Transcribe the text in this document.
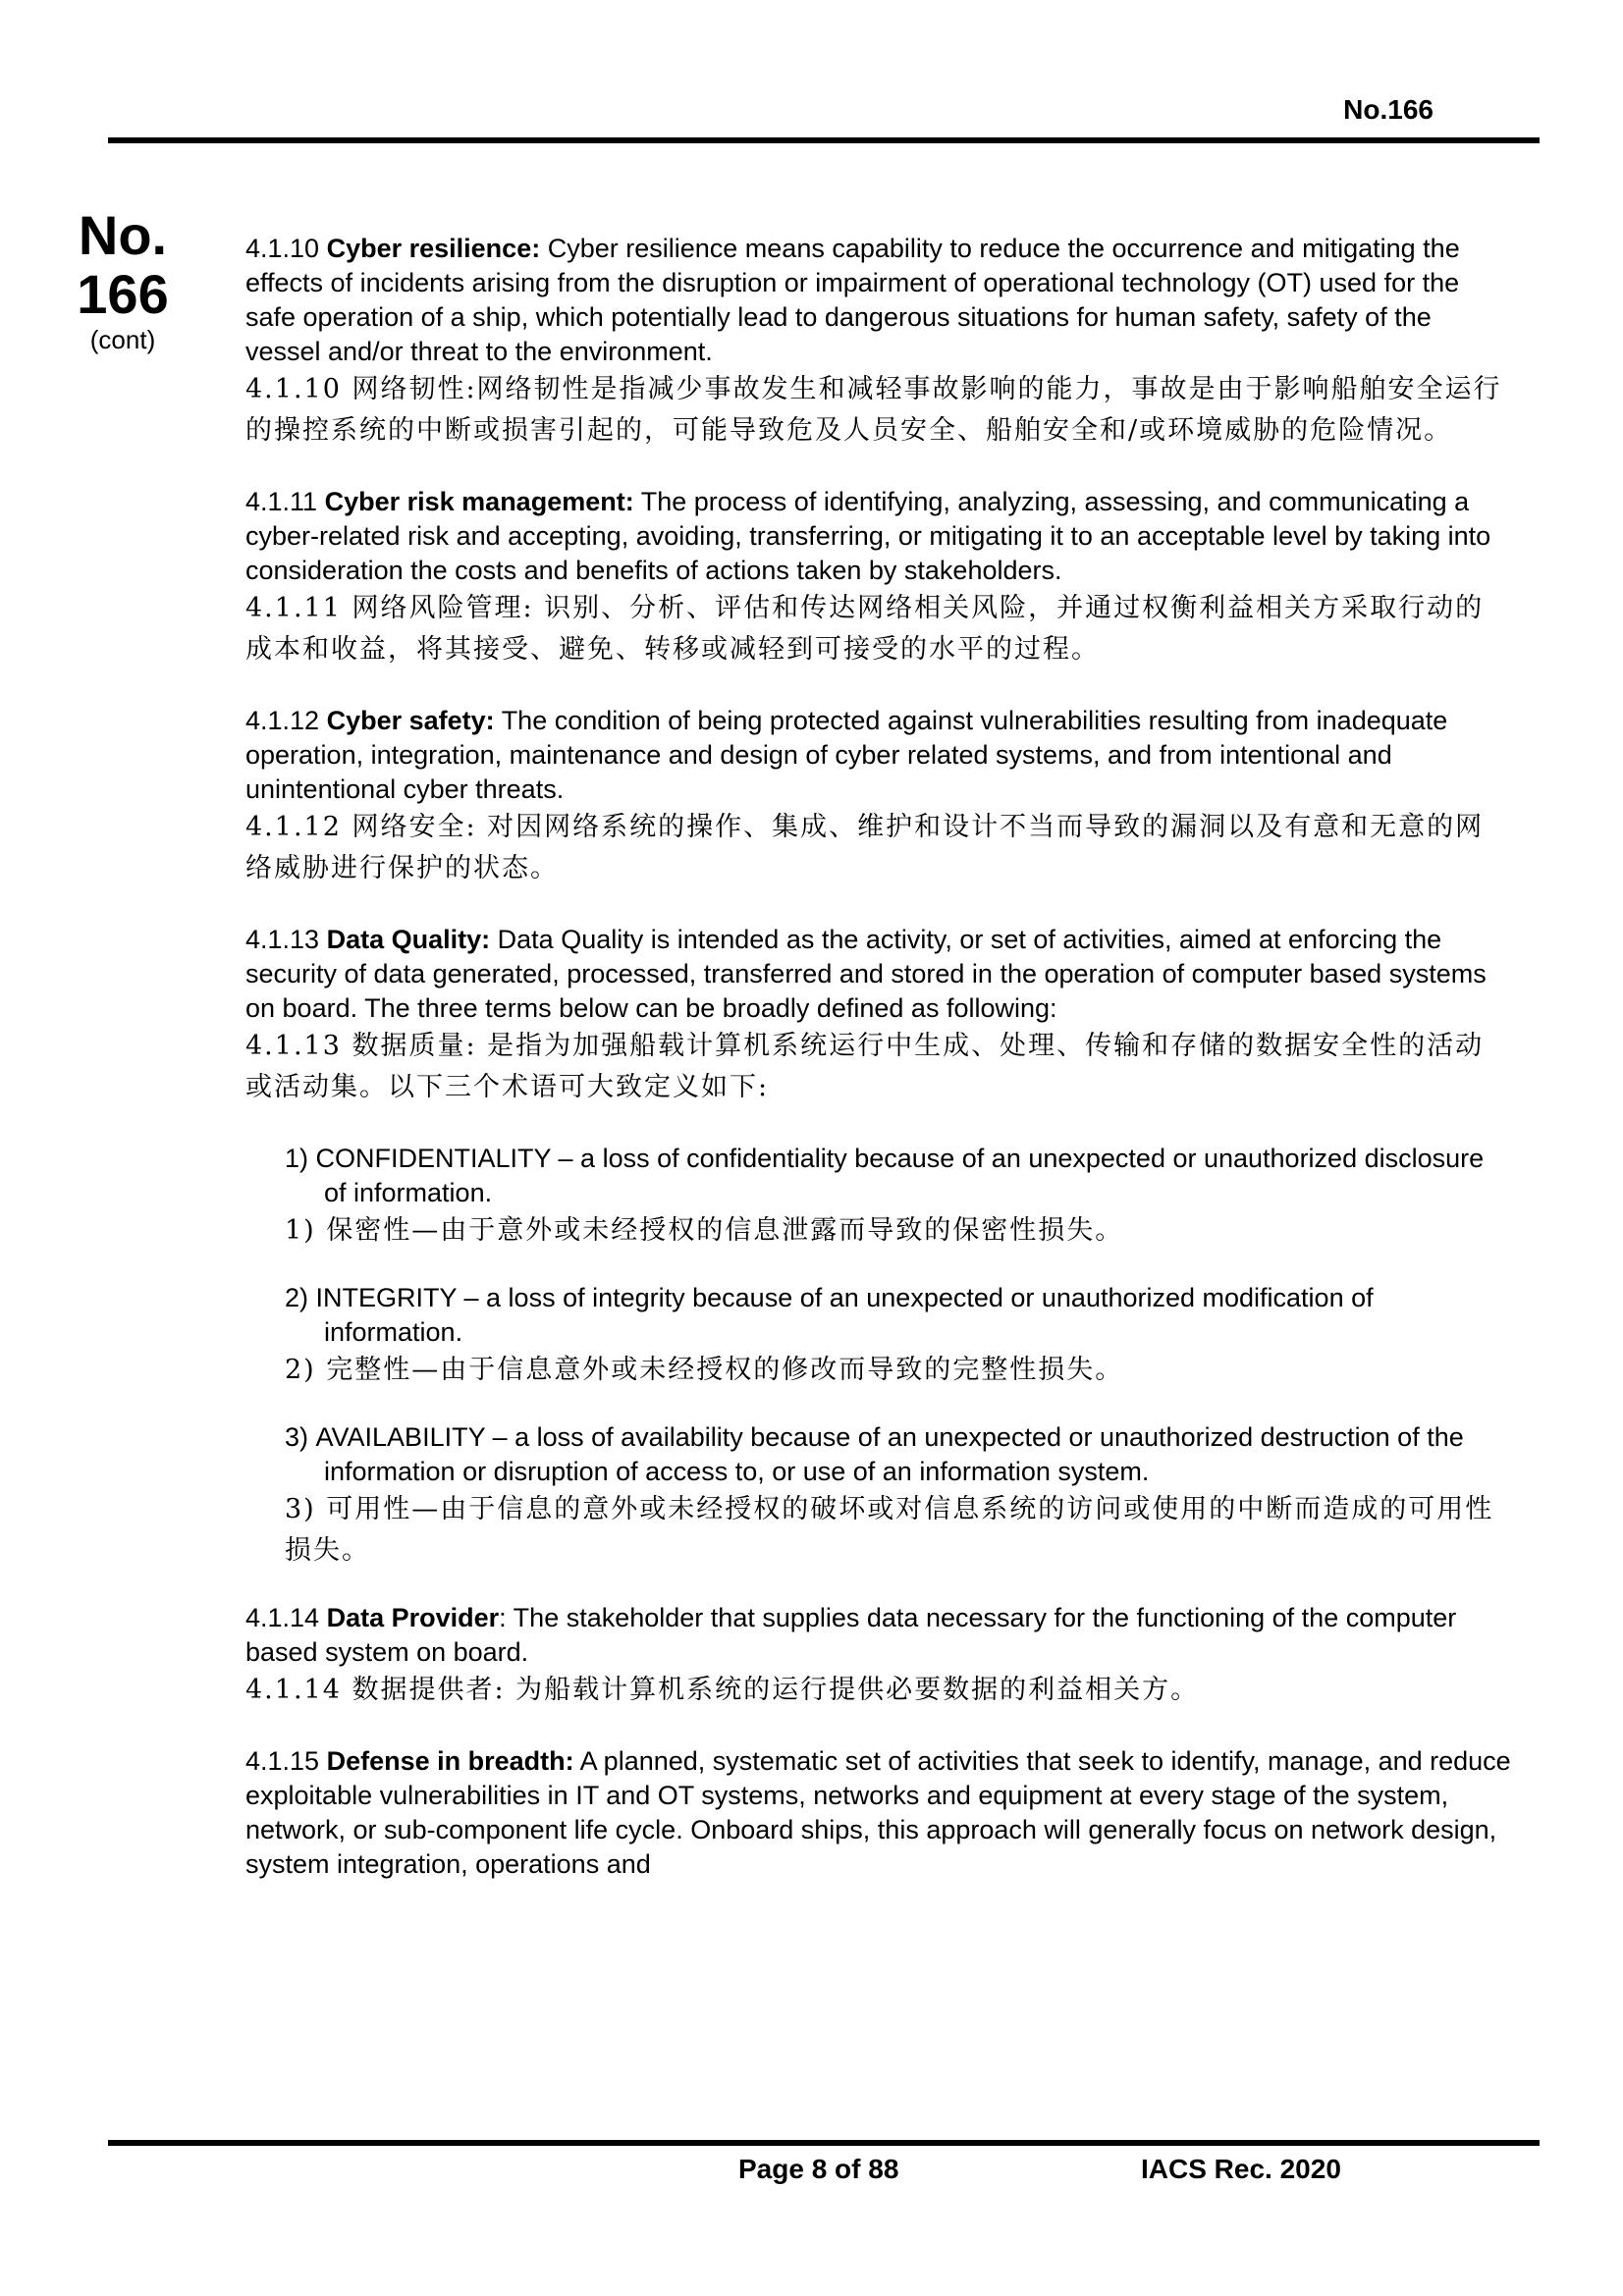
No.166
No.
166
(cont)

4.1.10 Cyber resilience: Cyber resilience means capability to reduce the occurrence and mitigating the effects of incidents arising from the disruption or impairment of operational technology (OT) used for the safe operation of a ship, which potentially lead to dangerous situations for human safety, safety of the vessel and/or threat to the environment.

4.1.10 网络韧性:网络韧性是指减少事故发生和减轻事故影响的能力，事故是由于影响船舶安全运行的操控系统的中断或损害引起的，可能导致危及人员安全、船舶安全和/或环境威胁的危险情况。

4.1.11 Cyber risk management: The process of identifying, analyzing, assessing, and communicating a cyber-related risk and accepting, avoiding, transferring, or mitigating it to an acceptable level by taking into consideration the costs and benefits of actions taken by stakeholders.

4.1.11 网络风险管理: 识别、分析、评估和传达网络相关风险，并通过权衡利益相关方采取行动的成本和收益，将其接受、避免、转移或减轻到可接受的水平的过程。

4.1.12 Cyber safety: The condition of being protected against vulnerabilities resulting from inadequate operation, integration, maintenance and design of cyber related systems, and from intentional and unintentional cyber threats.

4.1.12 网络安全: 对因网络系统的操作、集成、维护和设计不当而导致的漏洞以及有意和无意的网络威胁进行保护的状态。

4.1.13 Data Quality: Data Quality is intended as the activity, or set of activities, aimed at enforcing the security of data generated, processed, transferred and stored in the operation of computer based systems on board. The three terms below can be broadly defined as following:

4.1.13 数据质量: 是指为加强船载计算机系统运行中生成、处理、传输和存储的数据安全性的活动或活动集。以下三个术语可大致定义如下:

1) CONFIDENTIALITY – a loss of confidentiality because of an unexpected or unauthorized disclosure of information.

1) 保密性—由于意外或未经授权的信息泄露而导致的保密性损失。

2) INTEGRITY – a loss of integrity because of an unexpected or unauthorized modification of information.

2) 完整性—由于信息意外或未经授权的修改而导致的完整性损失。

3) AVAILABILITY – a loss of availability because of an unexpected or unauthorized destruction of the information or disruption of access to, or use of an information system.

3) 可用性—由于信息的意外或未经授权的破坏或对信息系统的访问或使用的中断而造成的可用性损失。

4.1.14 Data Provider: The stakeholder that supplies data necessary for the functioning of the computer based system on board.

4.1.14 数据提供者: 为船载计算机系统的运行提供必要数据的利益相关方。

4.1.15 Defense in breadth: A planned, systematic set of activities that seek to identify, manage, and reduce exploitable vulnerabilities in IT and OT systems, networks and equipment at every stage of the system, network, or sub-component life cycle. Onboard ships, this approach will generally focus on network design, system integration, operations and

Page 8 of 88	IACS Rec. 2020
